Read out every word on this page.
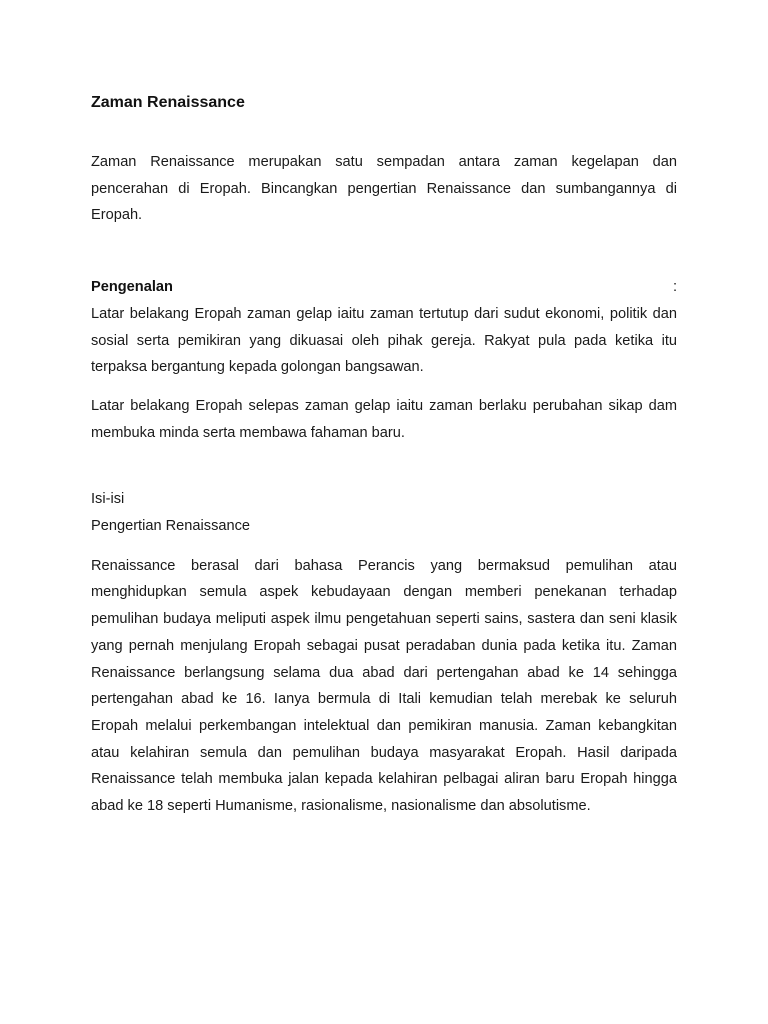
Zaman Renaissance

Zaman Renaissance merupakan satu sempadan antara zaman kegelapan dan pencerahan di Eropah. Bincangkan pengertian Renaissance dan sumbangannya di Eropah.

Pengenalan	:

Latar belakang Eropah zaman gelap iaitu zaman tertutup dari sudut ekonomi, politik dan sosial serta pemikiran yang dikuasai oleh pihak gereja. Rakyat pula pada ketika itu terpaksa bergantung kepada golongan bangsawan.

Latar belakang Eropah selepas zaman gelap iaitu zaman berlaku perubahan sikap dam membuka minda serta membawa fahaman baru.

Isi-isi
Pengertian Renaissance

Renaissance berasal dari bahasa Perancis yang bermaksud pemulihan atau menghidupkan semula aspek kebudayaan dengan memberi penekanan terhadap pemulihan budaya meliputi aspek ilmu pengetahuan seperti sains, sastera dan seni klasik yang pernah menjulang Eropah sebagai pusat peradaban dunia pada ketika itu. Zaman Renaissance berlangsung selama dua abad dari pertengahan abad ke 14 sehingga pertengahan abad ke 16. Ianya bermula di Itali kemudian telah merebak ke seluruh Eropah melalui perkembangan intelektual dan pemikiran manusia. Zaman kebangkitan atau kelahiran semula dan pemulihan budaya masyarakat Eropah. Hasil daripada Renaissance telah membuka jalan kepada kelahiran pelbagai aliran baru Eropah hingga abad ke 18 seperti Humanisme, rasionalisme, nasionalisme dan absolutisme.
